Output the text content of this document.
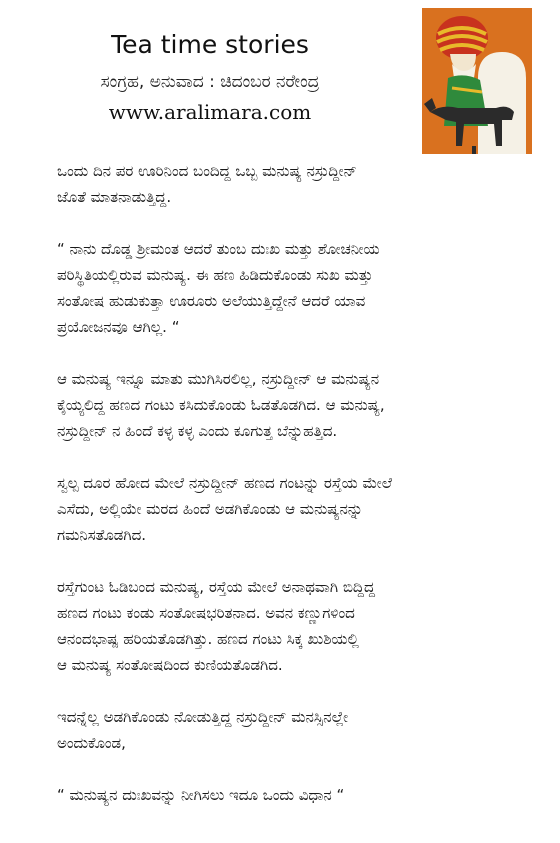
Tea time stories
ಸಂಗ್ರಹ, ಅನುವಾದ : ಚಿದಂಬರ ನರೇಂದ್ರ
www.aralimara.com

ಒಂದು ದಿನ ಪರ ಊರಿನಿಂದ ಬಂದಿದ್ದ ಒಬ್ಬ ಮನುಷ್ಯ ನಸ್ರುದ್ದೀನ್
ಜೊತೆ ಮಾತನಾಡುತ್ತಿದ್ದ.

“ ನಾನು ದೊಡ್ಡ ಶ್ರೀಮಂತ ಆದರೆ ತುಂಬ ದುಃಖ ಮತ್ತು ಶೋಚನೀಯ
ಪರಿಸ್ಥಿತಿಯಲ್ಲಿರುವ ಮನುಷ್ಯ. ಈ ಹಣ ಹಿಡಿದುಕೊಂಡು ಸುಖ ಮತ್ತು
ಸಂತೋಷ ಹುಡುಕುತ್ತಾ ಊರೂರು ಅಲೆಯುತ್ತಿದ್ದೇನೆ ಆದರೆ ಯಾವ
ಪ್ರಯೋಜನವೂ ಆಗಿಲ್ಲ. “

ಆ ಮನುಷ್ಯ ಇನ್ನೂ ಮಾತು ಮುಗಿಸಿರಲಿಲ್ಲ, ನಸ್ರುದ್ದೀನ್ ಆ ಮನುಷ್ಯನ
ಕೈಯ್ಯಲಿದ್ದ ಹಣದ ಗಂಟು ಕಸಿದುಕೊಂಡು ಓಡತೊಡಗಿದ. ಆ ಮನುಷ್ಯ,
ನಸ್ರುದ್ದೀನ್ ನ ಹಿಂದೆ ಕಳ್ಳ ಕಳ್ಳ ಎಂದು ಕೂಗುತ್ತ ಬೆನ್ನುಹತ್ತಿದ.

ಸ್ವಲ್ಪ ದೂರ ಹೋದ ಮೇಲೆ ನಸ್ರುದ್ದೀನ್ ಹಣದ ಗಂಟನ್ನು ರಸ್ತೆಯ ಮೇಲೆ
ಎಸೆದು, ಅಲ್ಲಿಯೇ ಮರದ ಹಿಂದೆ ಅಡಗಿಕೊಂಡು ಆ ಮನುಷ್ಯನನ್ನು
ಗಮನಿಸತೊಡಗಿದ.

ರಸ್ತೆಗುಂಟ ಓಡಿಬಂದ ಮನುಷ್ಯ, ರಸ್ತೆಯ ಮೇಲೆ ಅನಾಥವಾಗಿ ಬಿದ್ದಿದ್ದ
ಹಣದ ಗಂಟು ಕಂಡು ಸಂತೋಷಭರಿತನಾದ. ಅವನ ಕಣ್ಣುಗಳಿಂದ
ಆನಂದಭಾಷ್ಪ ಹರಿಯತೊಡಗಿತ್ತು. ಹಣದ ಗಂಟು ಸಿಕ್ಕ ಖುಶಿಯಲ್ಲಿ
ಆ ಮನುಷ್ಯ ಸಂತೋಷದಿಂದ ಕುಣಿಯತೊಡಗಿದ.

ಇದನ್ನೆಲ್ಲ ಅಡಗಿಕೊಂಡು ನೋಡುತ್ತಿದ್ದ ನಸ್ರುದ್ದೀನ್ ಮನಸ್ಸಿನಲ್ಲೇ
ಅಂದುಕೊಂಡ,

“ ಮನುಷ್ಯನ ದುಃಖವನ್ನು ನೀಗಿಸಲು ಇದೂ ಒಂದು ವಿಧಾನ “
